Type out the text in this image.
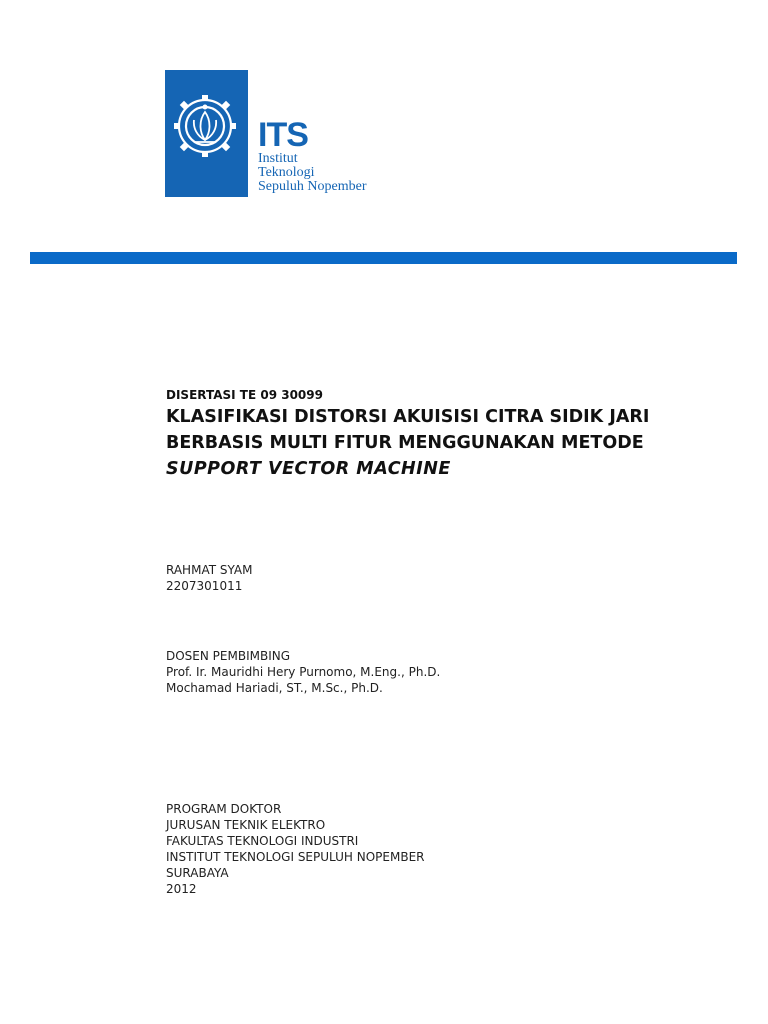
ITS
Institut
Teknologi
Sepuluh Nopember
DISERTASI TE 09 30099
KLASIFIKASI DISTORSI AKUISISI CITRA SIDIK JARI
BERBASIS MULTI FITUR MENGGUNAKAN METODE
SUPPORT VECTOR MACHINE
RAHMAT SYAM
2207301011
DOSEN PEMBIMBING
Prof. Ir. Mauridhi Hery Purnomo, M.Eng., Ph.D.
Mochamad Hariadi, ST., M.Sc., Ph.D.
PROGRAM DOKTOR
JURUSAN TEKNIK ELEKTRO
FAKULTAS TEKNOLOGI INDUSTRI
INSTITUT TEKNOLOGI SEPULUH NOPEMBER
SURABAYA
2012
